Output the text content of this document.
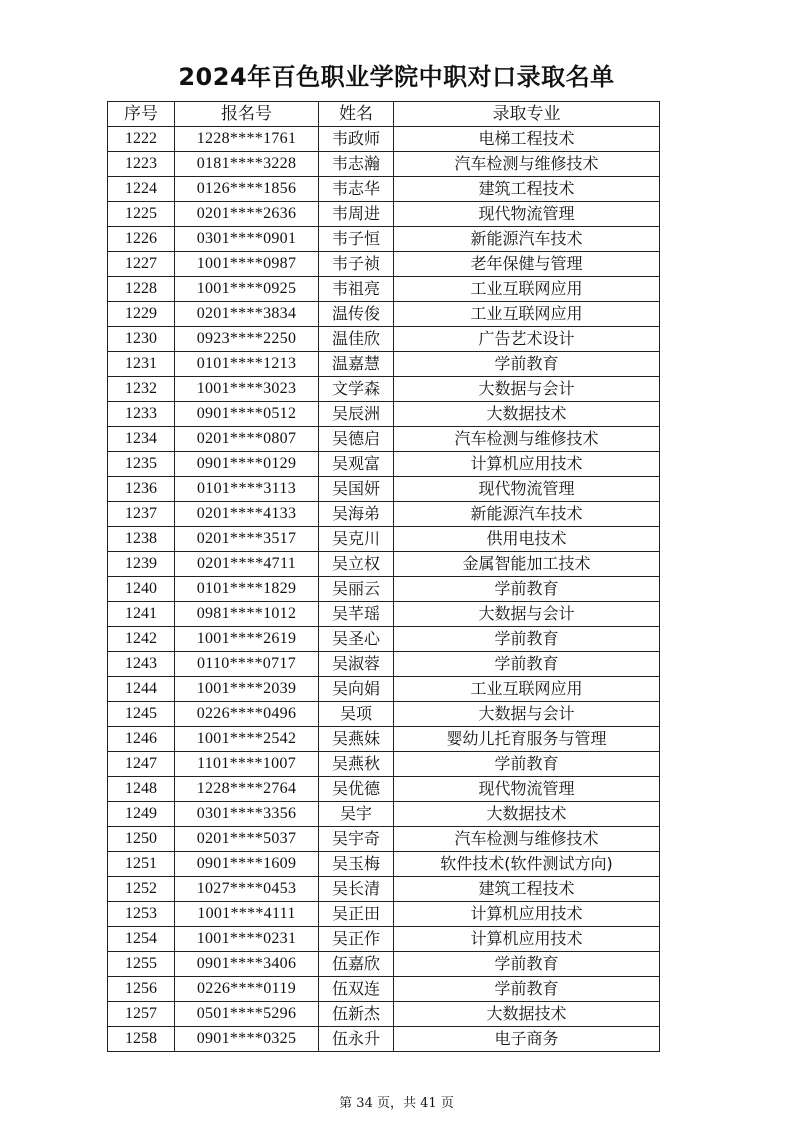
2024年百色职业学院中职对口录取名单
序号	报名号	姓名	录取专业
1222	1228****1761	韦政师	电梯工程技术
1223	0181****3228	韦志瀚	汽车检测与维修技术
1224	0126****1856	韦志华	建筑工程技术
1225	0201****2636	韦周进	现代物流管理
1226	0301****0901	韦子恒	新能源汽车技术
1227	1001****0987	韦子祯	老年保健与管理
1228	1001****0925	韦祖亮	工业互联网应用
1229	0201****3834	温传俊	工业互联网应用
1230	0923****2250	温佳欣	广告艺术设计
1231	0101****1213	温嘉慧	学前教育
1232	1001****3023	文学森	大数据与会计
1233	0901****0512	吴辰洲	大数据技术
1234	0201****0807	吴德启	汽车检测与维修技术
1235	0901****0129	吴观富	计算机应用技术
1236	0101****3113	吴国妍	现代物流管理
1237	0201****4133	吴海弟	新能源汽车技术
1238	0201****3517	吴克川	供用电技术
1239	0201****4711	吴立权	金属智能加工技术
1240	0101****1829	吴丽云	学前教育
1241	0981****1012	吴芊瑶	大数据与会计
1242	1001****2619	吴圣心	学前教育
1243	0110****0717	吴淑蓉	学前教育
1244	1001****2039	吴向娟	工业互联网应用
1245	0226****0496	吴项	大数据与会计
1246	1001****2542	吴燕妹	婴幼儿托育服务与管理
1247	1101****1007	吴燕秋	学前教育
1248	1228****2764	吴优德	现代物流管理
1249	0301****3356	吴宇	大数据技术
1250	0201****5037	吴宇奇	汽车检测与维修技术
1251	0901****1609	吴玉梅	软件技术(软件测试方向)
1252	1027****0453	吴长清	建筑工程技术
1253	1001****4111	吴正田	计算机应用技术
1254	1001****0231	吴正作	计算机应用技术
1255	0901****3406	伍嘉欣	学前教育
1256	0226****0119	伍双连	学前教育
1257	0501****5296	伍新杰	大数据技术
1258	0901****0325	伍永升	电子商务
第 34 页，共 41 页
